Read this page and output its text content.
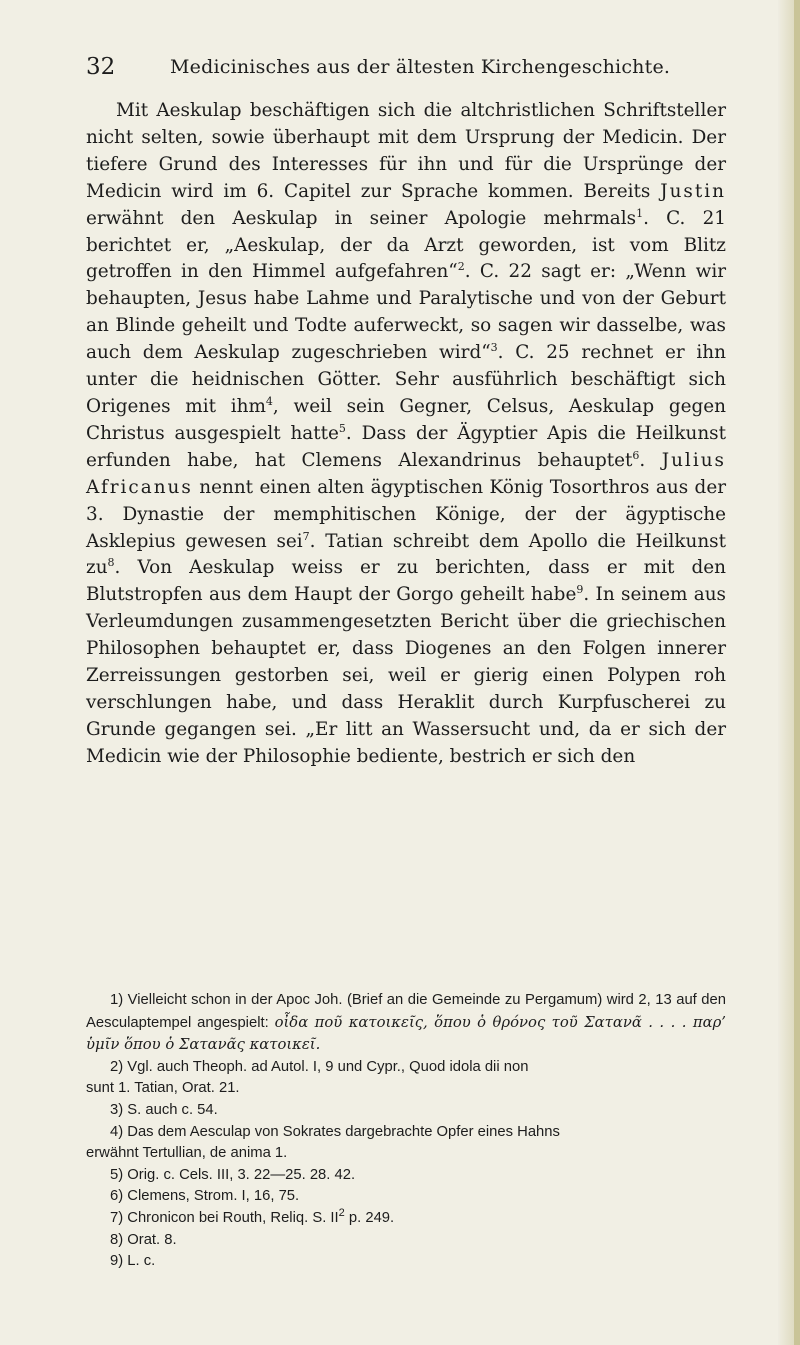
32	Medicinisches aus der ältesten Kirchengeschichte.

Mit Aeskulap beschäftigen sich die altchristlichen Schriftsteller nicht selten, sowie überhaupt mit dem Ursprung der Medicin. Der tiefere Grund des Interesses für ihn und für die Ursprünge der Medicin wird im 6. Capitel zur Sprache kommen. Bereits Justin erwähnt den Aeskulap in seiner Apologie mehrmals$^1$. C. 21 berichtet er, „Aeskulap, der da Arzt geworden, ist vom Blitz getroffen in den Himmel aufgefahren“$^2$. C. 22 sagt er: „Wenn wir behaupten, Jesus habe Lahme und Paralytische und von der Geburt an Blinde geheilt und Todte auferweckt, so sagen wir dasselbe, was auch dem Aeskulap zugeschrieben wird“$^3$. C. 25 rechnet er ihn unter die heidnischen Götter. Sehr ausführlich beschäftigt sich Origenes mit ihm$^4$, weil sein Gegner, Celsus, Aeskulap gegen Christus ausgespielt hatte$^5$. Dass der Ägyptier Apis die Heilkunst erfunden habe, hat Clemens Alexandrinus behauptet$^6$. Julius Africanus nennt einen alten ägyptischen König Tosorthros aus der 3. Dynastie der memphitischen Könige, der der ägyptische Asklepius gewesen sei$^7$. Tatian schreibt dem Apollo die Heilkunst $zu^8$. Von Aeskulap weiss er zu berichten, dass er mit den Blutstropfen aus dem Haupt der Gorgo geheilt habe$^9$. In seinem aus Verleumdungen zusammengesetzten Bericht über die griechischen Philosophen behauptet er, dass Diogenes an den Folgen innerer Zerreissungen gestorben sei, weil er gierig einen Polypen roh verschlungen habe, und dass Heraklit durch Kurpfuscherei zu Grunde gegangen sei. „Er litt an Wassersucht und, da er sich der Medicin wie der Philosophie bediente, bestrich er sich den

1) Vielleicht schon in der Apoc Joh. (Brief an die Gemeinde zu Pergamum) wird 2, 13 auf den Aesculaptempel angespielt: οἶδα ποῦ κατοικεῖς, ὅπου ὁ θρόνος τοῦ Σατανᾶ . . . . παρ’ ὑμῖν ὅπου ὁ Σατανᾶς κατοικεῖ.

2) Vgl. auch Theoph. ad Autol. I, 9 und Cypr., Quod idola dii non

sunt 1. Tatian, Orat. 21.

3) S. auch c. 54.

4) Das dem Aesculap von Sokrates dargebrachte Opfer eines Hahns

erwähnt Tertullian, de anima 1.

5) Orig. c. Cels. III, 3. 22—25. 28. 42.

6) Clemens, Strom. I, 16, 75.

7) Chronicon bei Routh, Reliq. S. $II^2$ p. 249.

8) Orat. 8.

9) L. c.
